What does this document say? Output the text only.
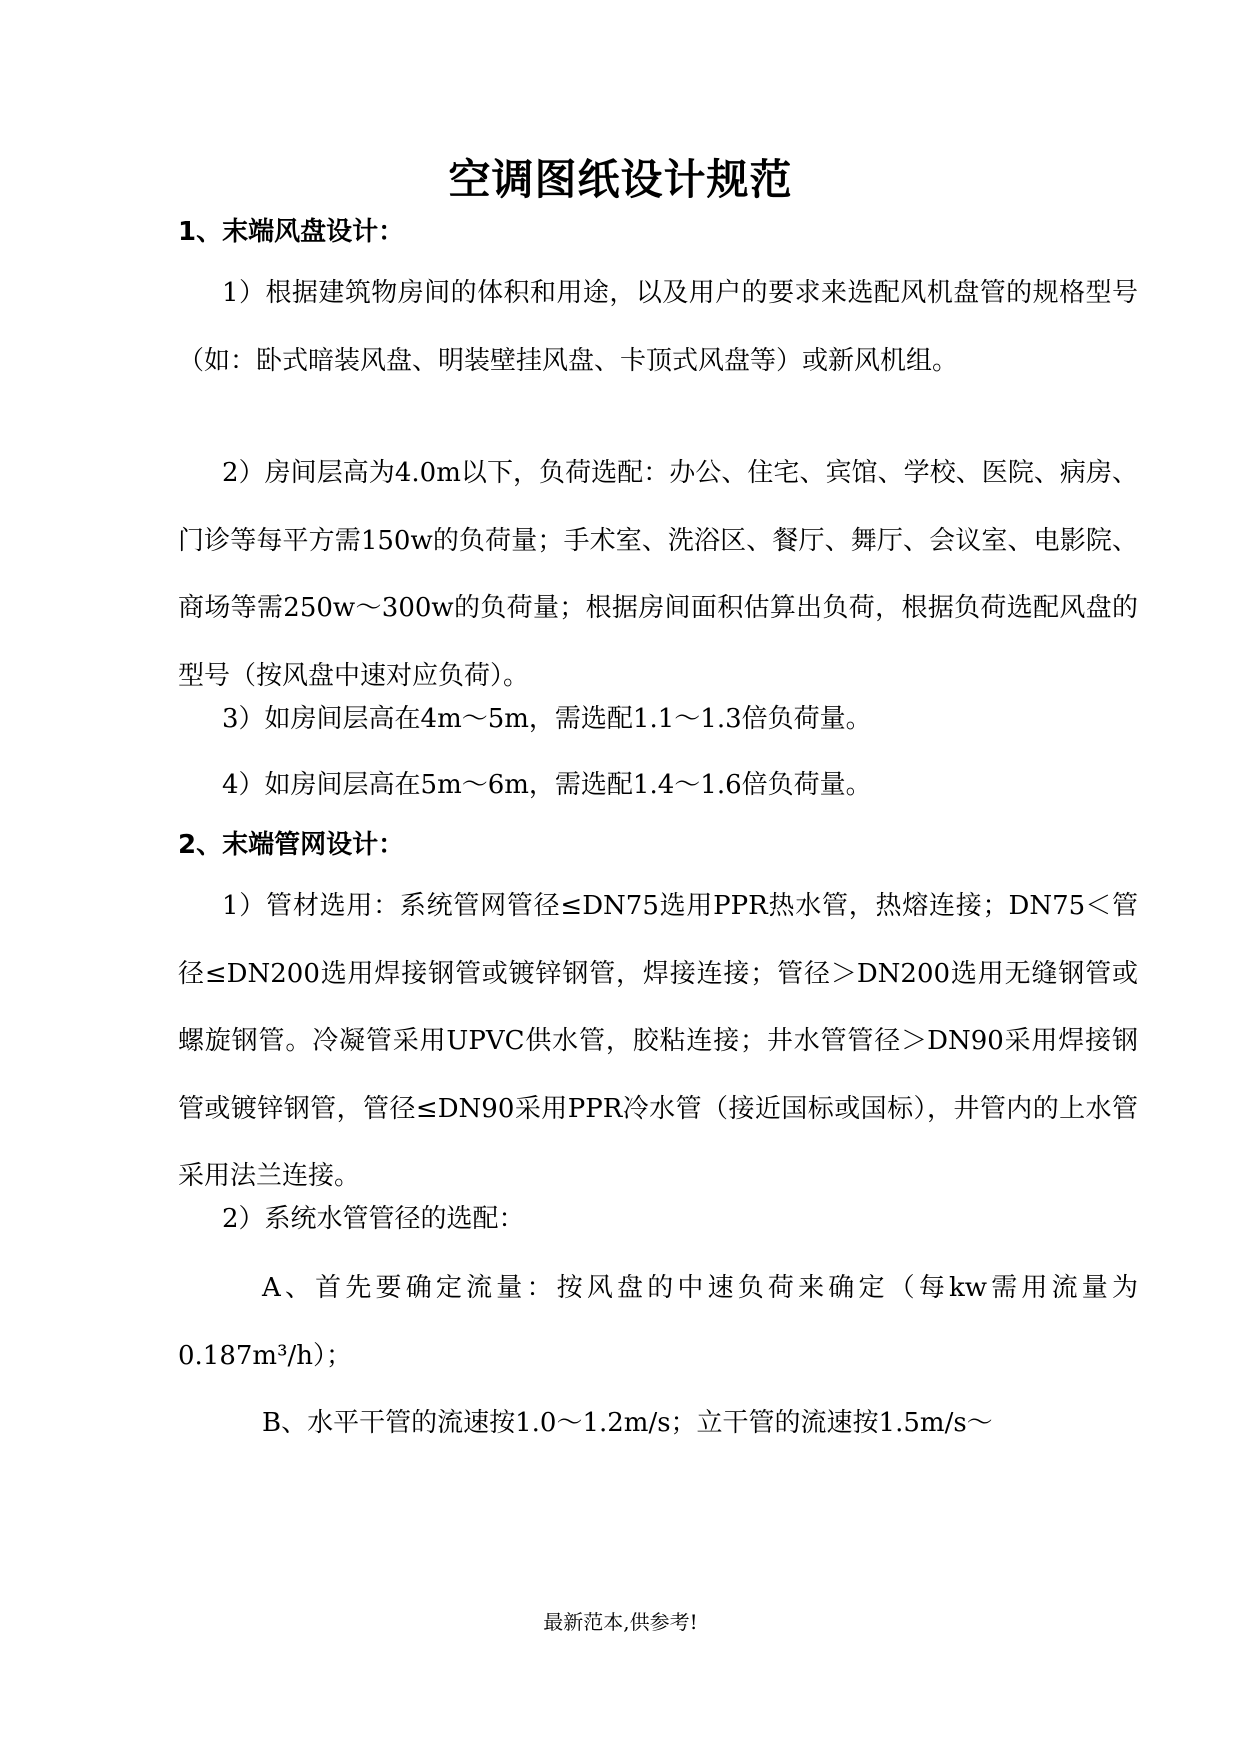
空调图纸设计规范
1、末端风盘设计：
1）根据建筑物房间的体积和用途，以及用户的要求来选配风机盘管的规格型号（如：卧式暗装风盘、明装壁挂风盘、卡顶式风盘等）或新风机组。
2）房间层高为4.0m以下，负荷选配：办公、住宅、宾馆、学校、医院、病房、门诊等每平方需150w的负荷量；手术室、洗浴区、餐厅、舞厅、会议室、电影院、商场等需250w～300w的负荷量；根据房间面积估算出负荷，根据负荷选配风盘的型号（按风盘中速对应负荷）。
3）如房间层高在4m～5m，需选配1.1～1.3倍负荷量。
4）如房间层高在5m～6m，需选配1.4～1.6倍负荷量。
2、末端管网设计：
1）管材选用：系统管网管径≤DN75选用PPR热水管，热熔连接；DN75＜管径≤DN200选用焊接钢管或镀锌钢管，焊接连接；管径＞DN200选用无缝钢管或螺旋钢管。冷凝管采用UPVC供水管，胶粘连接；井水管管径＞DN90采用焊接钢管或镀锌钢管，管径≤DN90采用PPR冷水管（接近国标或国标），井管内的上水管采用法兰连接。
2）系统水管管径的选配：
A、首先要确定流量：按风盘的中速负荷来确定（每kw需用流量为0.187m³/h）；
B、水平干管的流速按1.0～1.2m/s；立干管的流速按1.5m/s～
最新范本,供参考!
